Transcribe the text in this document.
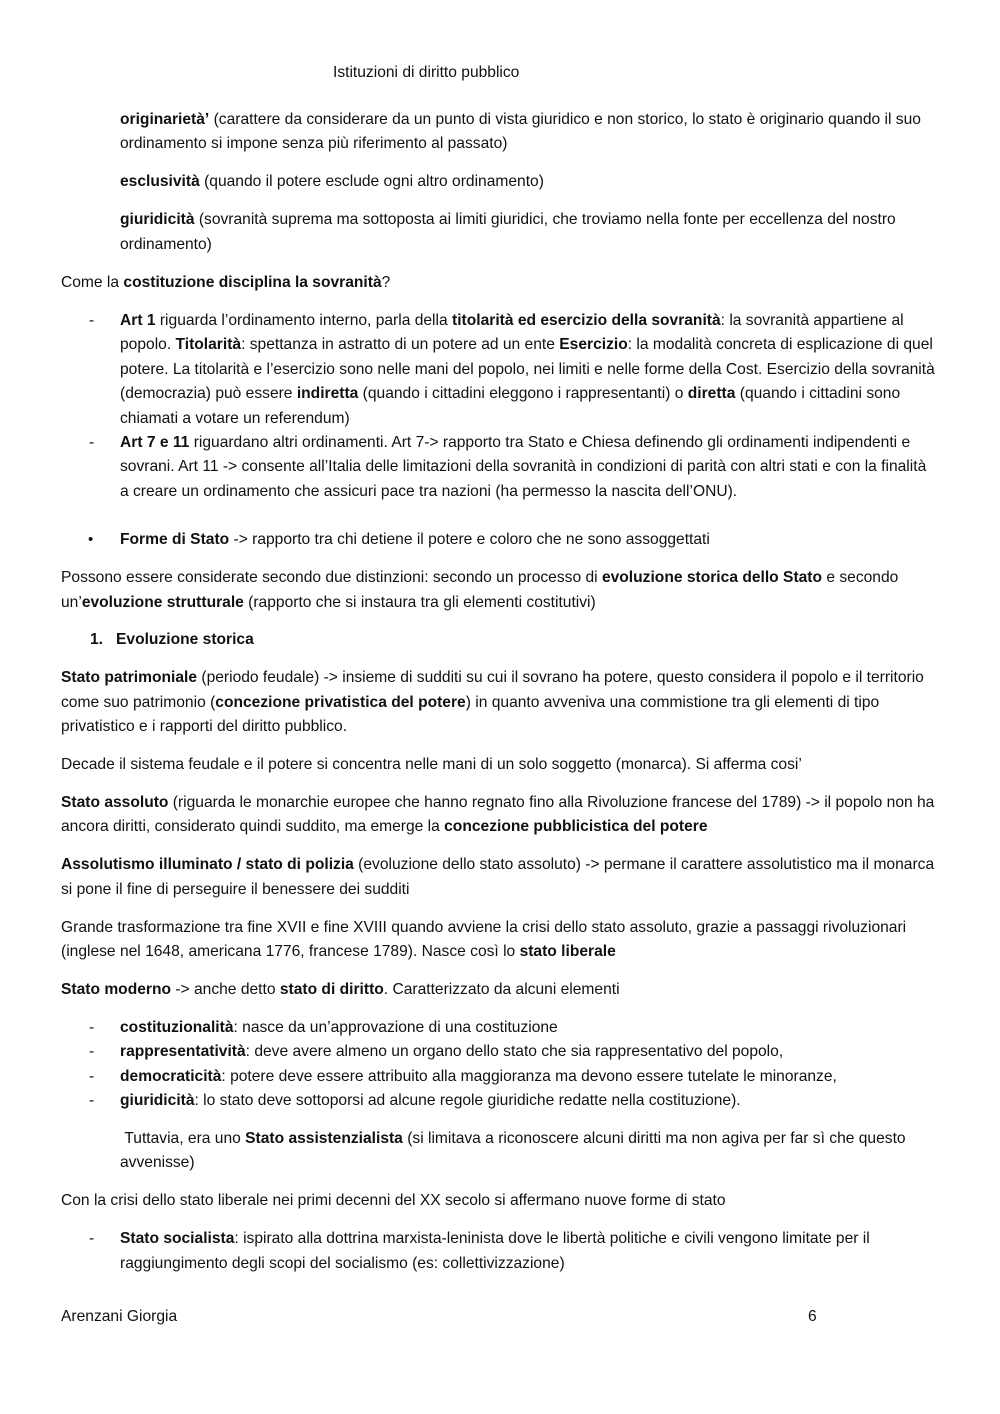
Istituzioni di diritto pubblico

originarietà’ (carattere da considerare da un punto di vista giuridico e non storico, lo stato è originario quando il suo ordinamento si impone senza più riferimento al passato)

esclusività (quando il potere esclude ogni altro ordinamento)

giuridicità (sovranità suprema ma sottoposta ai limiti giuridici, che troviamo nella fonte per eccellenza del nostro ordinamento)

Come la costituzione disciplina la sovranità?

- Art 1 riguarda l’ordinamento interno, parla della titolarità ed esercizio della sovranità: la sovranità appartiene al popolo. Titolarità: spettanza in astratto di un potere ad un ente Esercizio: la modalità concreta di esplicazione di quel potere. La titolarità e l’esercizio sono nelle mani del popolo, nei limiti e nelle forme della Cost. Esercizio della sovranità (democrazia) può essere indiretta (quando i cittadini eleggono i rappresentanti) o diretta (quando i cittadini sono chiamati a votare un referendum)
- Art 7 e 11 riguardano altri ordinamenti. Art 7-> rapporto tra Stato e Chiesa definendo gli ordinamenti indipendenti e sovrani. Art 11 -> consente all’Italia delle limitazioni della sovranità in condizioni di parità con altri stati e con la finalità a creare un ordinamento che assicuri pace tra nazioni (ha permesso la nascita dell’ONU).
• Forme di Stato -> rapporto tra chi detiene il potere e coloro che ne sono assoggettati

Possono essere considerate secondo due distinzioni: secondo un processo di evoluzione storica dello Stato e secondo un’evoluzione strutturale (rapporto che si instaura tra gli elementi costitutivi)

1. Evoluzione storica

Stato patrimoniale (periodo feudale) -> insieme di sudditi su cui il sovrano ha potere, questo considera il popolo e il territorio come suo patrimonio (concezione privatistica del potere) in quanto avveniva una commistione tra gli elementi di tipo privatistico e i rapporti del diritto pubblico.

Decade il sistema feudale e il potere si concentra nelle mani di un solo soggetto (monarca). Si afferma cosi’

Stato assoluto (riguarda le monarchie europee che hanno regnato fino alla Rivoluzione francese del 1789) -> il popolo non ha ancora diritti, considerato quindi suddito, ma emerge la concezione pubblicistica del potere

Assolutismo illuminato / stato di polizia (evoluzione dello stato assoluto) -> permane il carattere assolutistico ma il monarca si pone il fine di perseguire il benessere dei sudditi

Grande trasformazione tra fine XVII e fine XVIII quando avviene la crisi dello stato assoluto, grazie a passaggi rivoluzionari (inglese nel 1648, americana 1776, francese 1789). Nasce così lo stato liberale

Stato moderno -> anche detto stato di diritto. Caratterizzato da alcuni elementi

- costituzionalità: nasce da un’approvazione di una costituzione
- rappresentatività: deve avere almeno un organo dello stato che sia rappresentativo del popolo,
- democraticità: potere deve essere attribuito alla maggioranza ma devono essere tutelate le minoranze,
- giuridicità: lo stato deve sottoporsi ad alcune regole giuridiche redatte nella costituzione).

Tuttavia, era uno Stato assistenzialista (si limitava a riconoscere alcuni diritti ma non agiva per far sì che questo avvenisse)

Con la crisi dello stato liberale nei primi decenni del XX secolo si affermano nuove forme di stato

- Stato socialista: ispirato alla dottrina marxista-leninista dove le libertà politiche e civili vengono limitate per il raggiungimento degli scopi del socialismo (es: collettivizzazione)
Arenzani Giorgia	6
